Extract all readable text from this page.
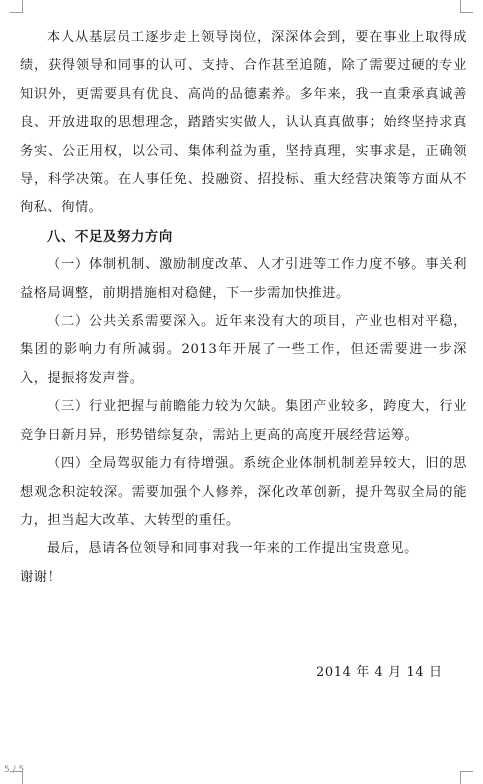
本人从基层员工逐步走上领导岗位，深深体会到，要在事业上取得成绩，获得领导和同事的认可、支持、合作甚至追随，除了需要过硬的专业知识外，更需要具有优良、高尚的品德素养。多年来，我一直秉承真诚善良、开放进取的思想理念，踏踏实实做人，认认真真做事；始终坚持求真务实、公正用权，以公司、集体利益为重，坚持真理，实事求是，正确领导，科学决策。在人事任免、投融资、招投标、重大经营决策等方面从不徇私、徇情。

八、不足及努力方向

（一）体制机制、激励制度改革、人才引进等工作力度不够。事关利益格局调整，前期措施相对稳健，下一步需加快推进。

（二）公共关系需要深入。近年来没有大的项目，产业也相对平稳，集团的影响力有所减弱。2013年开展了一些工作，但还需要进一步深入，提振将发声誉。

（三）行业把握与前瞻能力较为欠缺。集团产业较多，跨度大，行业竞争日新月异，形势错综复杂，需站上更高的高度开展经营运筹。

（四）全局驾驭能力有待增强。系统企业体制机制差异较大，旧的思想观念积淀较深。需要加强个人修养，深化改革创新，提升驾驭全局的能力，担当起大改革、大转型的重任。

最后，恳请各位领导和同事对我一年来的工作提出宝贵意见。

谢谢！

2014 年 4 月 14 日
5 / 5
